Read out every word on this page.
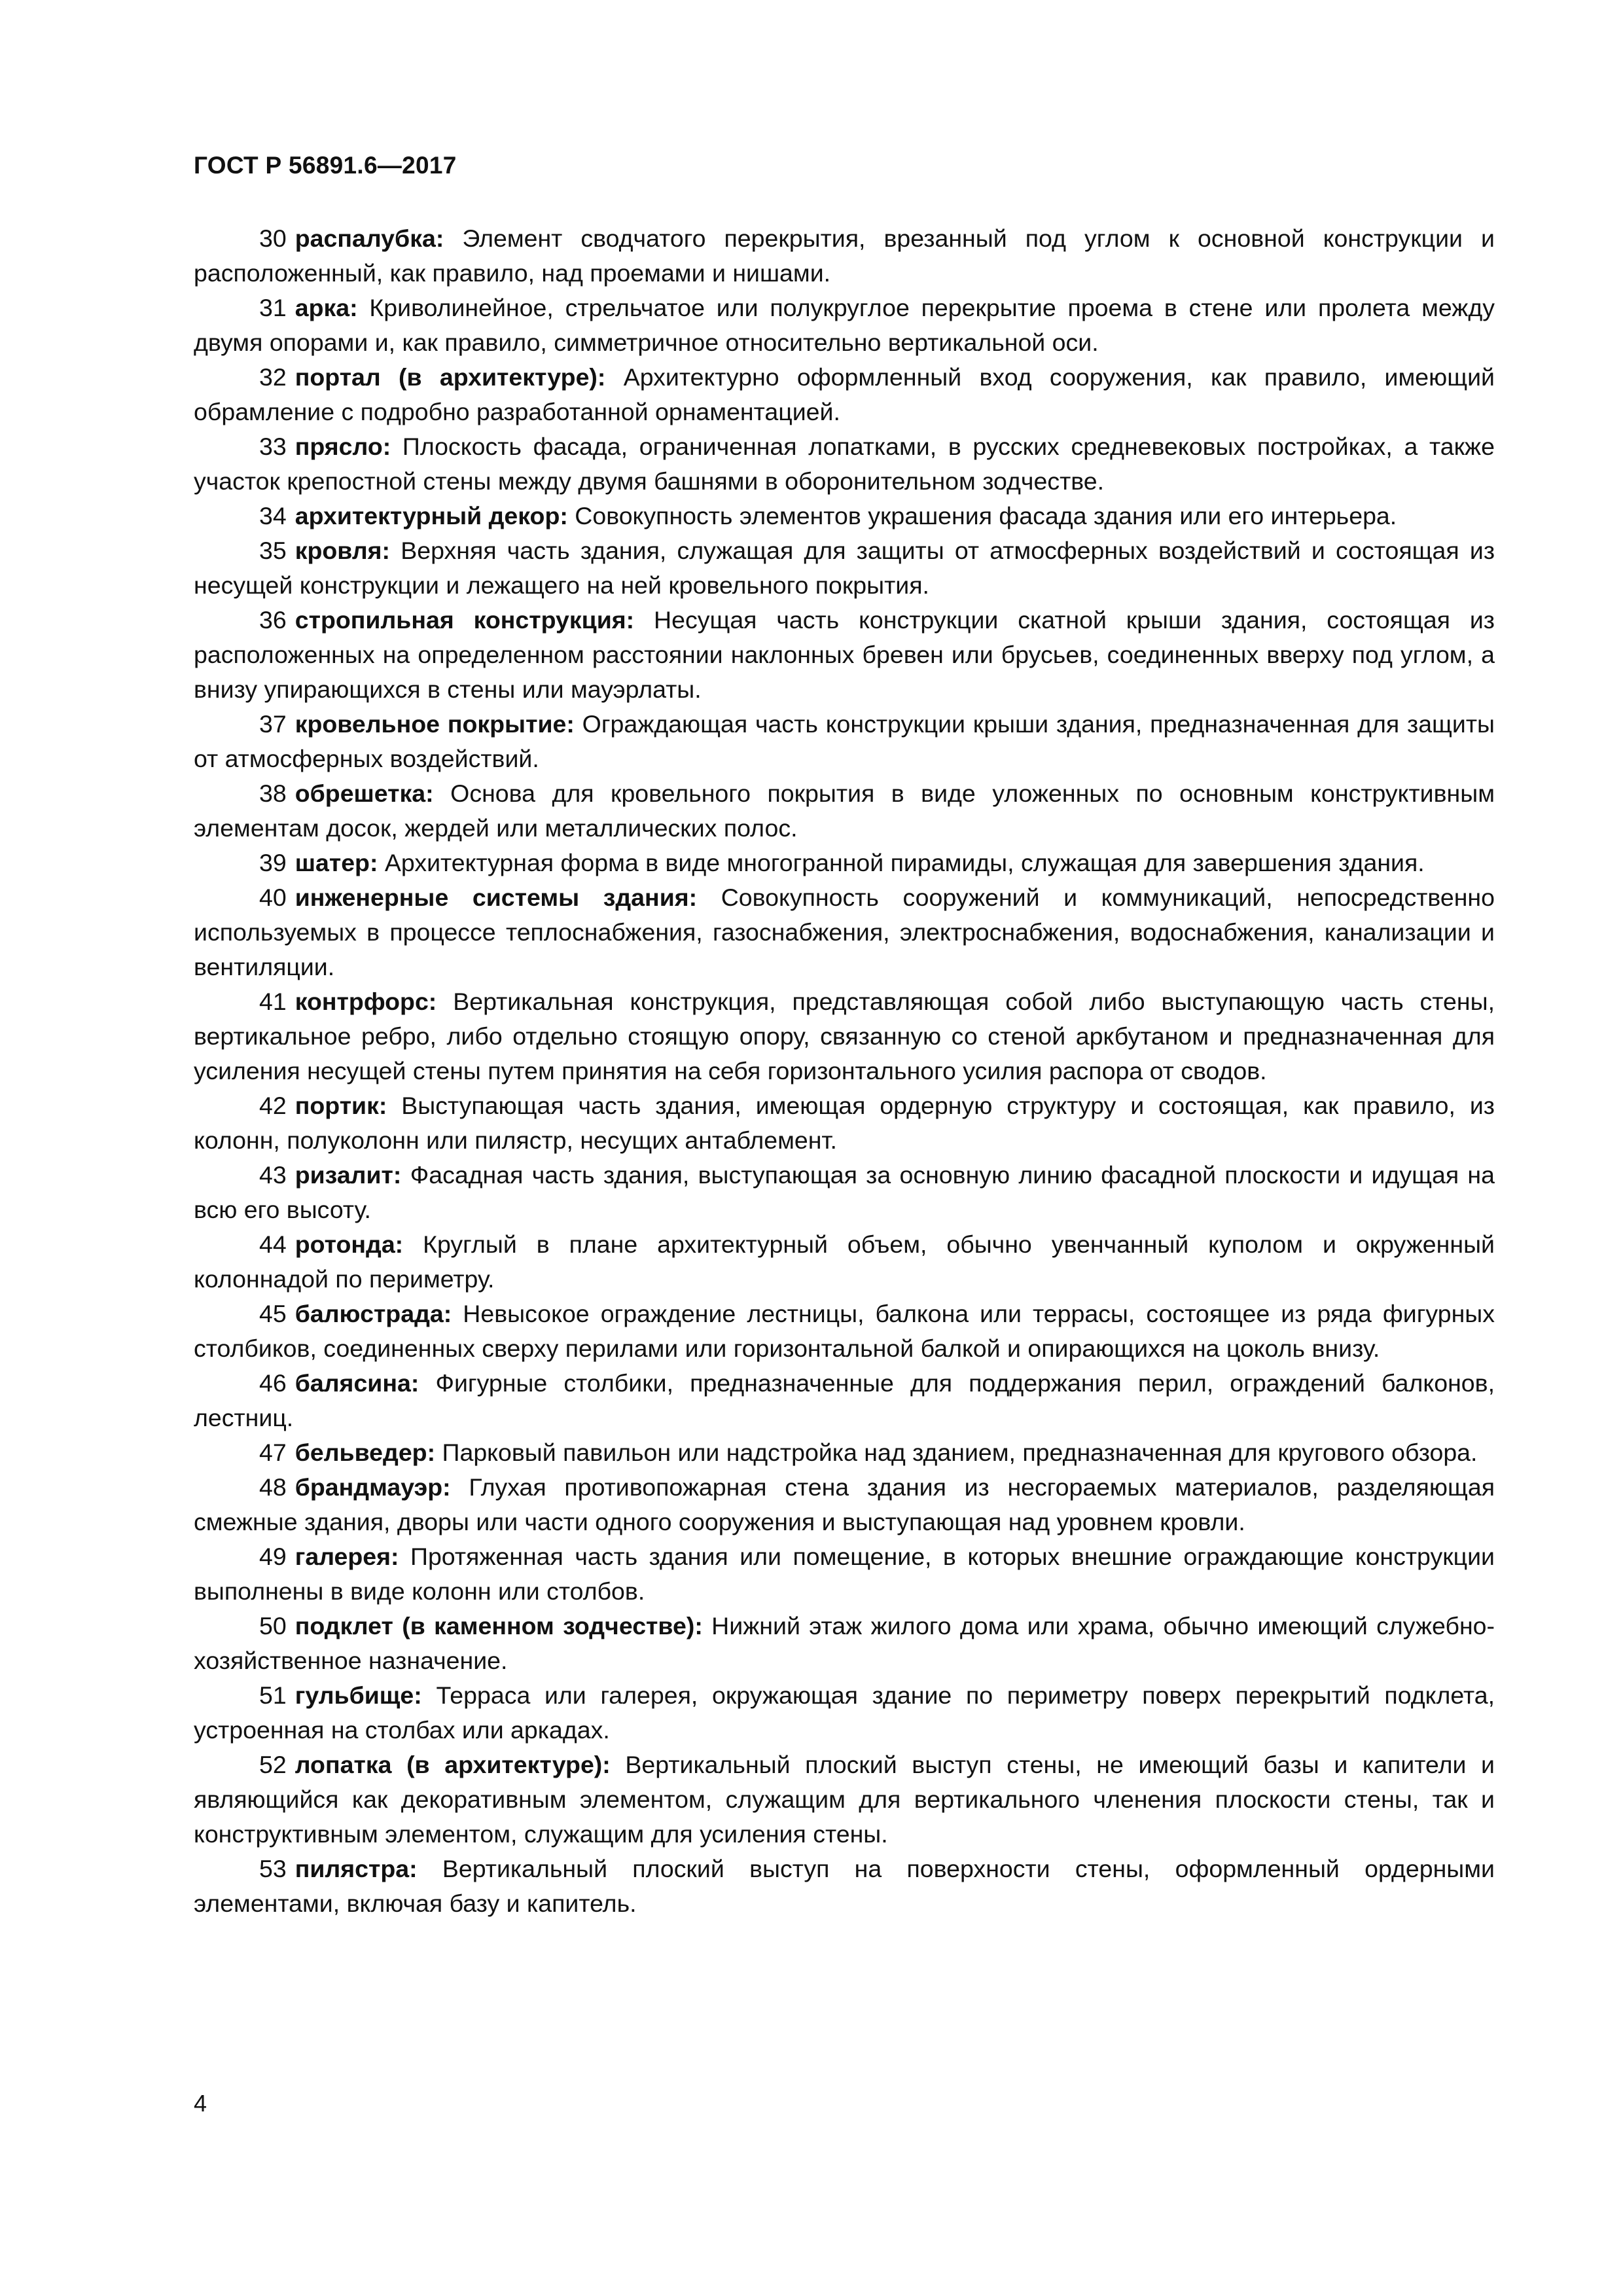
ГОСТ Р 56891.6—2017

30 распалубка: Элемент сводчатого перекрытия, врезанный под углом к основной конструкции и расположенный, как правило, над проемами и нишами.

31 арка: Криволинейное, стрельчатое или полукруглое перекрытие проема в стене или пролета между двумя опорами и, как правило, симметричное относительно вертикальной оси.

32 портал (в архитектуре): Архитектурно оформленный вход сооружения, как правило, имеющий обрамление с подробно разработанной орнаментацией.

33 прясло: Плоскость фасада, ограниченная лопатками, в русских средневековых постройках, а также участок крепостной стены между двумя башнями в оборонительном зодчестве.

34 архитектурный декор: Совокупность элементов украшения фасада здания или его интерьера.

35 кровля: Верхняя часть здания, служащая для защиты от атмосферных воздействий и состоящая из несущей конструкции и лежащего на ней кровельного покрытия.

36 стропильная конструкция: Несущая часть конструкции скатной крыши здания, состоящая из расположенных на определенном расстоянии наклонных бревен или брусьев, соединенных вверху под углом, а внизу упирающихся в стены или мауэрлаты.

37 кровельное покрытие: Ограждающая часть конструкции крыши здания, предназначенная для защиты от атмосферных воздействий.

38 обрешетка: Основа для кровельного покрытия в виде уложенных по основным конструктивным элементам досок, жердей или металлических полос.

39 шатер: Архитектурная форма в виде многогранной пирамиды, служащая для завершения здания.

40 инженерные системы здания: Совокупность сооружений и коммуникаций, непосредственно используемых в процессе теплоснабжения, газоснабжения, электроснабжения, водоснабжения, канализации и вентиляции.

41 контрфорс: Вертикальная конструкция, представляющая собой либо выступающую часть стены, вертикальное ребро, либо отдельно стоящую опору, связанную со стеной аркбутаном и предназначенная для усиления несущей стены путем принятия на себя горизонтального усилия распора от сводов.

42 портик: Выступающая часть здания, имеющая ордерную структуру и состоящая, как правило, из колонн, полуколонн или пилястр, несущих антаблемент.

43 ризалит: Фасадная часть здания, выступающая за основную линию фасадной плоскости и идущая на всю его высоту.

44 ротонда: Круглый в плане архитектурный объем, обычно увенчанный куполом и окруженный колоннадой по периметру.

45 балюстрада: Невысокое ограждение лестницы, балкона или террасы, состоящее из ряда фигурных столбиков, соединенных сверху перилами или горизонтальной балкой и опирающихся на цоколь внизу.

46 балясина: Фигурные столбики, предназначенные для поддержания перил, ограждений балконов, лестниц.

47 бельведер: Парковый павильон или надстройка над зданием, предназначенная для кругового обзора.

48 брандмауэр: Глухая противопожарная стена здания из несгораемых материалов, разделяющая смежные здания, дворы или части одного сооружения и выступающая над уровнем кровли.

49 галерея: Протяженная часть здания или помещение, в которых внешние ограждающие конструкции выполнены в виде колонн или столбов.

50 подклет (в каменном зодчестве): Нижний этаж жилого дома или храма, обычно имеющий служебно-хозяйственное назначение.

51 гульбище: Терраса или галерея, окружающая здание по периметру поверх перекрытий подклета, устроенная на столбах или аркадах.

52 лопатка (в архитектуре): Вертикальный плоский выступ стены, не имеющий базы и капители и являющийся как декоративным элементом, служащим для вертикального членения плоскости стены, так и конструктивным элементом, служащим для усиления стены.

53 пилястра: Вертикальный плоский выступ на поверхности стены, оформленный ордерными элементами, включая базу и капитель.

4
